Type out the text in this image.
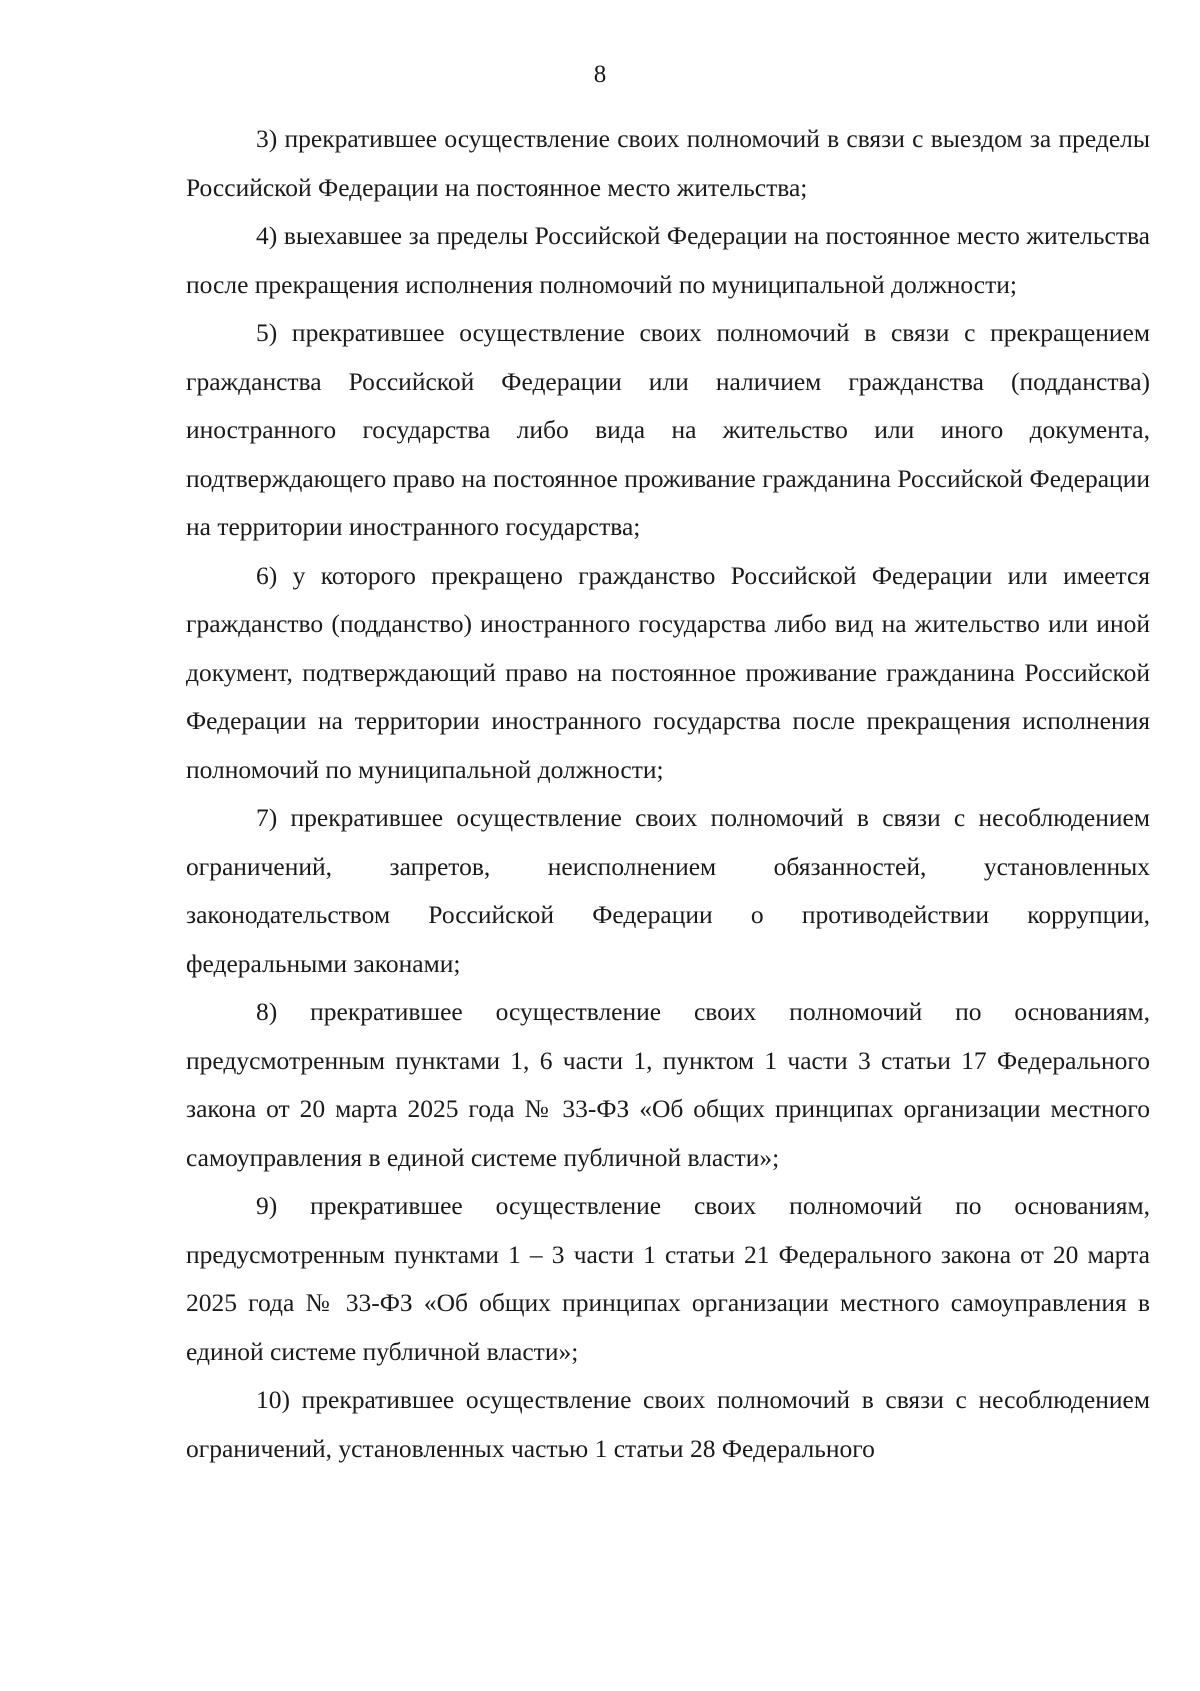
8

3) прекратившее осуществление своих полномочий в связи с выездом за пределы Российской Федерации на постоянное место жительства;

4) выехавшее за пределы Российской Федерации на постоянное место жительства после прекращения исполнения полномочий по муниципальной должности;

5) прекратившее осуществление своих полномочий в связи с прекращением гражданства Российской Федерации или наличием гражданства (подданства) иностранного государства либо вида на жительство или иного документа, подтверждающего право на постоянное проживание гражданина Российской Федерации на территории иностранного государства;

6) у которого прекращено гражданство Российской Федерации или имеется гражданство (подданство) иностранного государства либо вид на жительство или иной документ, подтверждающий право на постоянное проживание гражданина Российской Федерации на территории иностранного государства после прекращения исполнения полномочий по муниципальной должности;

7) прекратившее осуществление своих полномочий в связи с несоблюдением ограничений, запретов, неисполнением обязанностей, установленных законодательством Российской Федерации о противодействии коррупции, федеральными законами;

8) прекратившее осуществление своих полномочий по основаниям, предусмотренным пунктами 1, 6 части 1, пунктом 1 части 3 статьи 17 Федерального закона от 20 марта 2025 года № 33-ФЗ «Об общих принципах организации местного самоуправления в единой системе публичной власти»;

9) прекратившее осуществление своих полномочий по основаниям, предусмотренным пунктами 1 – 3 части 1 статьи 21 Федерального закона от 20 марта 2025 года № 33-ФЗ «Об общих принципах организации местного самоуправления в единой системе публичной власти»;

10) прекратившее осуществление своих полномочий в связи с несоблюдением ограничений, установленных частью 1 статьи 28 Федерального
